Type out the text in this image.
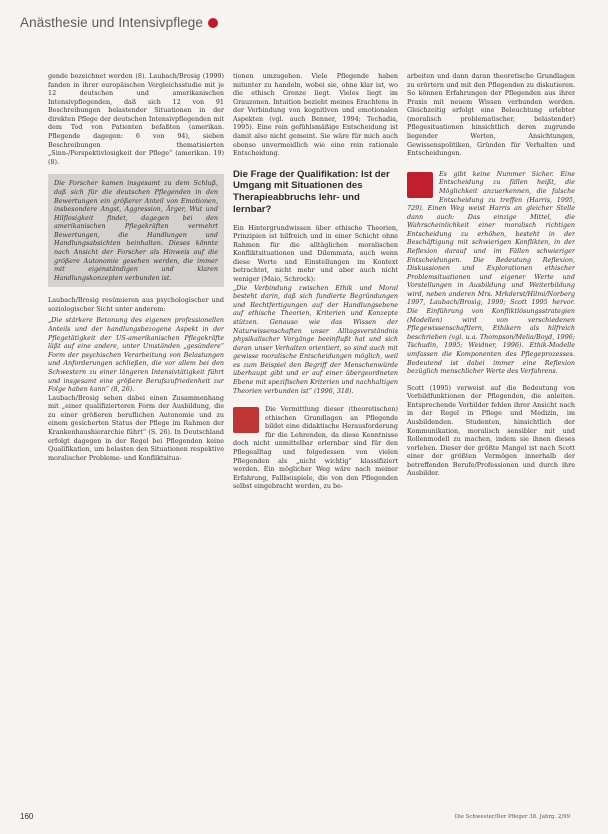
Anästhesie und Intensivpflege

gende bezeichnet werden (8). Laubach/Brosig (1999) fanden in ihrer europäischen Vergleichsstudie mit je 12 deutschen und amerikanischen Intensivpflegenden, daß sich 12 von 91 Beschreibungen belastender Situationen in der direkten Pflege der deutschen Intensivpflegenden mit dem Tod von Patienten befaßten (amerikan. Pflegende dagegen: 6 von 94), sieben Beschreibungen thematisierten „Sinn-/Perspektivlosigkeit der Pflege“ (amerikan. 19) (8).

Die Forscher kamen insgesamt zu dem Schluß, daß sich für die deutschen Pflegenden in den Bewertungen ein größerer Anteil von Emotionen, insbesondere Angst, Aggression, Ärger, Wut und Hilflosigkeit findet, dagegen bei den amerikanischen Pflegekräften vermehrt Bewertungen, die Handlungen und Handlungsabsichten beinhalten. Dieses könnte nach Ansicht der Forscher als Hinweis auf die größere Autonomie gesehen werden, die immer mit eigenständigen und klaren Handlungskonzepten verbunden ist.

Laubach/Brosig resümieren aus psychologischer und soziologischer Sicht unter anderem:

„Die stärkere Betonung des eigenen professionellen Anteils und der handlungsbezogene Aspekt in der Pflegetätigkeit der US-amerikanischen Pflegekräfte läßt auf eine andere, unter Umständen „gesündere“ Form der psychischen Verarbeitung von Belastungen und Anforderungen schließen, die vor allem bei den Schwestern zu einer längeren Intensivtätigkeit führt und insgesamt eine größere Berufszufriedenheit zur Folge haben kann“ (8, 26).

Laubach/Brosig sehen dabei einen Zusammenhang mit „einer qualifizierteren Form der Ausbildung, die zu einer größeren beruflichen Autonomie und zu einem gesicherten Status der Pflege im Rahmen der Krankenhaushierarchie führt“ (S. 26). In Deutschland erfolgt dagegen in der Regel bei Pflegenden keine Qualifikation, um belasten den Situationen respektive moralischer Probleme- und Konfliktsitua-

tionen umzugehen. Viele Pflegende haben mitunter zu handeln, wobei sie, ohne klar ist, wo die ethisch Grenze liegt. Vieles liegt im Grauzonen. Intuition bezieht meines Erachtens in der Verbindung von kognitiven und emotionalen Aspekten (vgl. auch Benner, 1994; Techadia, 1995). Eine rein gefühlsmäßige Entscheidung ist damit also nicht gemeint. Sie wäre für mich auch ebenso unvermeidlich wie eine rein rationale Entscheidung.

Die Frage der Qualifikation: Ist der Umgang mit Situationen des Therapieabbruchs lehr- und lernbar?

Ein Hintergrundwissen über ethische Theorien, Prinzipien ist hilfreich und in einer Schicht ohne Rahmen für die alltäglichen moralischen Konfliktsituationen und Dilemmata, auch wenn diese Werte und Einstellungen im Kontext betrachtet, nicht mehr und aber auch nicht weniger (Maio, Schrock):

„Die Verbindung zwischen Ethik und Moral besteht darin, daß sich fundierte Begründungen und Rechtfertigungen auf der Handlungsebene auf ethische Theorien, Kriterien und Konzepte stützen. Genauso wie das Wissen der Naturwissenschaften unser Alltagsverständnis physikalischer Vorgänge beeinflußt hat und sich daran unser Verhalten orientiert, so sind auch mit gewisse moralische Entscheidungen möglich, weil es zum Beispiel den Begriff der Menschenwürde überhaupt gibt und er auf einer übergeordneten Ebene mit spezifischen Kriterien und nachhaltigen Theorien verbunden ist“ (1996, 318).

Die Vermittlung dieser (theoretischen) ethischen Grundlagen an Pflegende bildet eine didaktische Herausforderung für die Lehrenden, da diese Kenntnisse doch nicht unmittelbar erlernbar sind für den Pflegealltag und folgedessen von vielen Pflegenden als „nicht wichtig“ klassifiziert werden. Ein möglicher Weg wäre nach meiner Erfahrung, Fallbeispiele, die von den Pflegenden selbst eingebracht werden, zu be-

arbeiten und dann daran theoretische Grundlagen zu erörtern und mit den Pflegenden zu diskutieren. So können Erfahrungen der Pflegenden aus ihrer Praxis mit neuem Wissen verbunden werden. Gleichzeitig erfolgt eine Beleuchtung erlebter (moralisch problematischer, belastender) Pflegesituationen hinsichtlich deren zugrunde liegender Werten, Ansichtungen, Gewissenspolitiken, Gründen für Verhalten und Entscheidungen.

Es gibt keine Nummer Sicher. Eine Entscheidung zu fällen heißt, die Möglichkeit anzuerkennen, die falsche Entscheidung zu treffen (Harris, 1995, 729). Einen Weg weist Harris an gleicher Stelle dann auch: Das einzige Mittel, die Wahrscheinlichkeit einer moralisch richtigen Entscheidung zu erhöhen, besteht in der Beschäftigung mit schwierigen Konflikten, in der Reflexion darauf und im Fällen schwieriger Entscheidungen. Die Bedeutung Reflexion, Diskussionen und Explorationen ethischer Problemsituationen und eigener Werte und Vorstellungen in Ausbildung und Weiterbildung wird, neben anderen Mrs. Mrkderst/Hilmi/Norberg 1997, Laubach/Brosig, 1999; Scott 1995 hervor. Die Einführung von Konfliktlösungsstrategien (Modellen) wird von verschiedenen Pflegewissenschaftlern, Ethikern als hilfreich beschrieben (vgl. u.a. Thompson/Melia/Boyd, 1996; Tschudin, 1995; Weidner, 1996). Ethik-Modelle umfassen die Komponenten des Pflegeprozesses. Bedeutend ist dabei immer eine Reflexion bezüglich menschlicher Werte des Verfahrens.

Scott (1995) verweist auf die Bedeutung von Vorbildfunktionen der Pflegenden, die anleiten. Entsprechende Vorbilder fehlen ihrer Ansicht nach in der Regel in Pflege und Medizin, im Ausbildenden. Studenten, hinsichtlich der Kommunikation, moralisch sensibler mit und Rollenmodell zu machen, indem sie ihnen dieses vorleben. Dieser der größte Mangel ist nach Scott einer der größten Vermögen innerhalb der betreffenden Berufe/Professionen und durch ihre Ausbilder.

160	Die Schwester/Der Pfleger 38. Jahrg. 2/99
